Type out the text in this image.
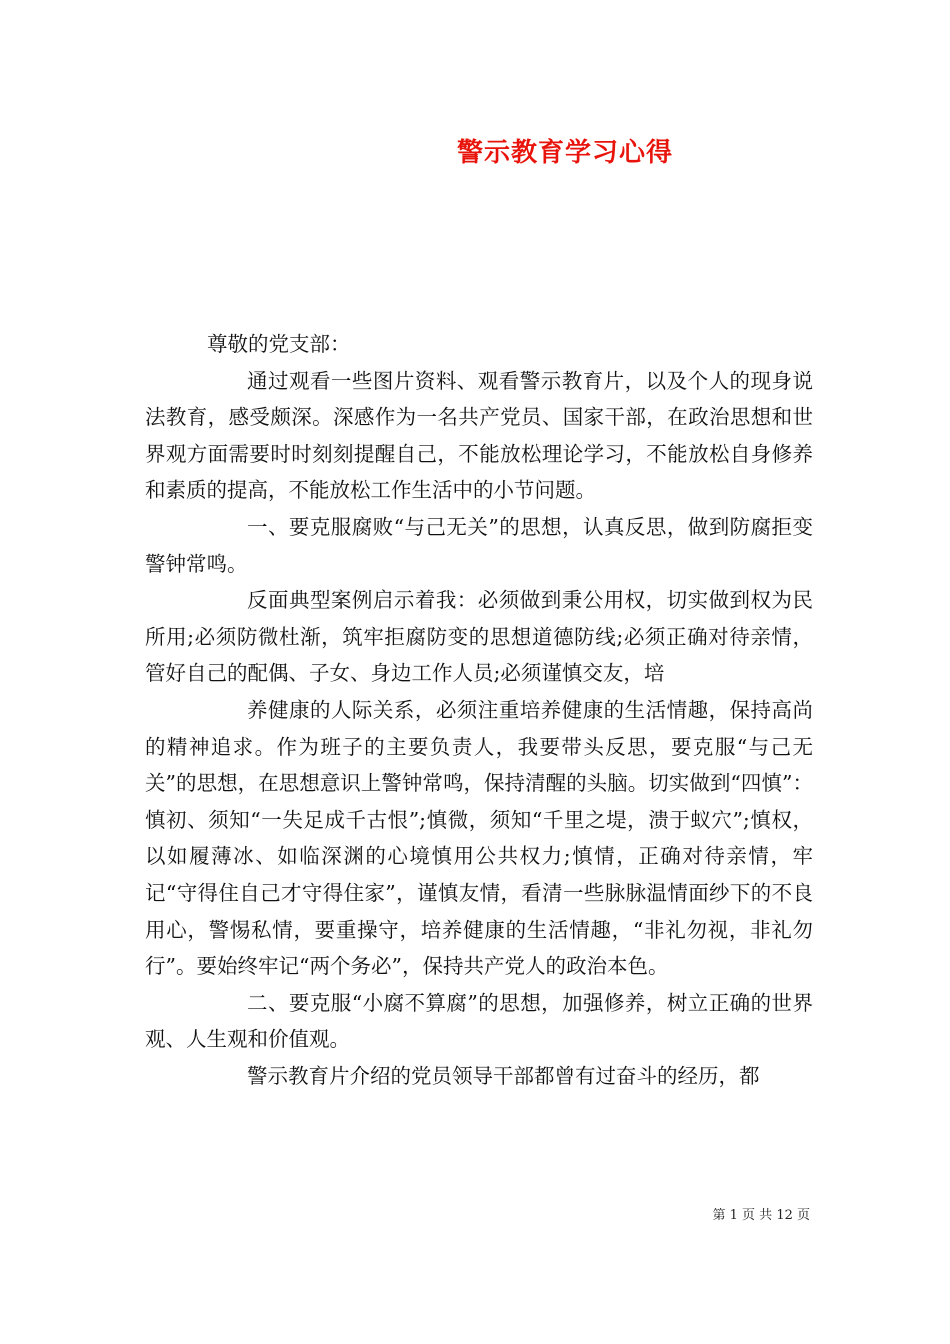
警示教育学习心得

尊敬的党支部：

通过观看一些图片资料、观看警示教育片，以及个人的现身说法教育，感受颇深。深感作为一名共产党员、国家干部，在政治思想和世界观方面需要时时刻刻提醒自己，不能放松理论学习，不能放松自身修养和素质的提高，不能放松工作生活中的小节问题。

一、要克服腐败“与己无关”的思想，认真反思，做到防腐拒变警钟常鸣。

反面典型案例启示着我：必须做到秉公用权，切实做到权为民所用;必须防微杜渐，筑牢拒腐防变的思想道德防线;必须正确对待亲情，管好自己的配偶、子女、身边工作人员;必须谨慎交友，培

养健康的人际关系，必须注重培养健康的生活情趣，保持高尚的精神追求。作为班子的主要负责人，我要带头反思，要克服“与己无关”的思想，在思想意识上警钟常鸣，保持清醒的头脑。切实做到“四慎”：慎初、须知“一失足成千古恨”;慎微，须知“千里之堤，溃于蚁穴”;慎权，以如履薄冰、如临深渊的心境慎用公共权力;慎情，正确对待亲情，牢记“守得住自己才守得住家”，谨慎友情，看清一些脉脉温情面纱下的不良用心，警惕私情，要重操守，培养健康的生活情趣，“非礼勿视，非礼勿行”。要始终牢记“两个务必”，保持共产党人的政治本色。

二、要克服“小腐不算腐”的思想，加强修养，树立正确的世界观、人生观和价值观。

警示教育片介绍的党员领导干部都曾有过奋斗的经历，都

第 1 页 共 12 页
